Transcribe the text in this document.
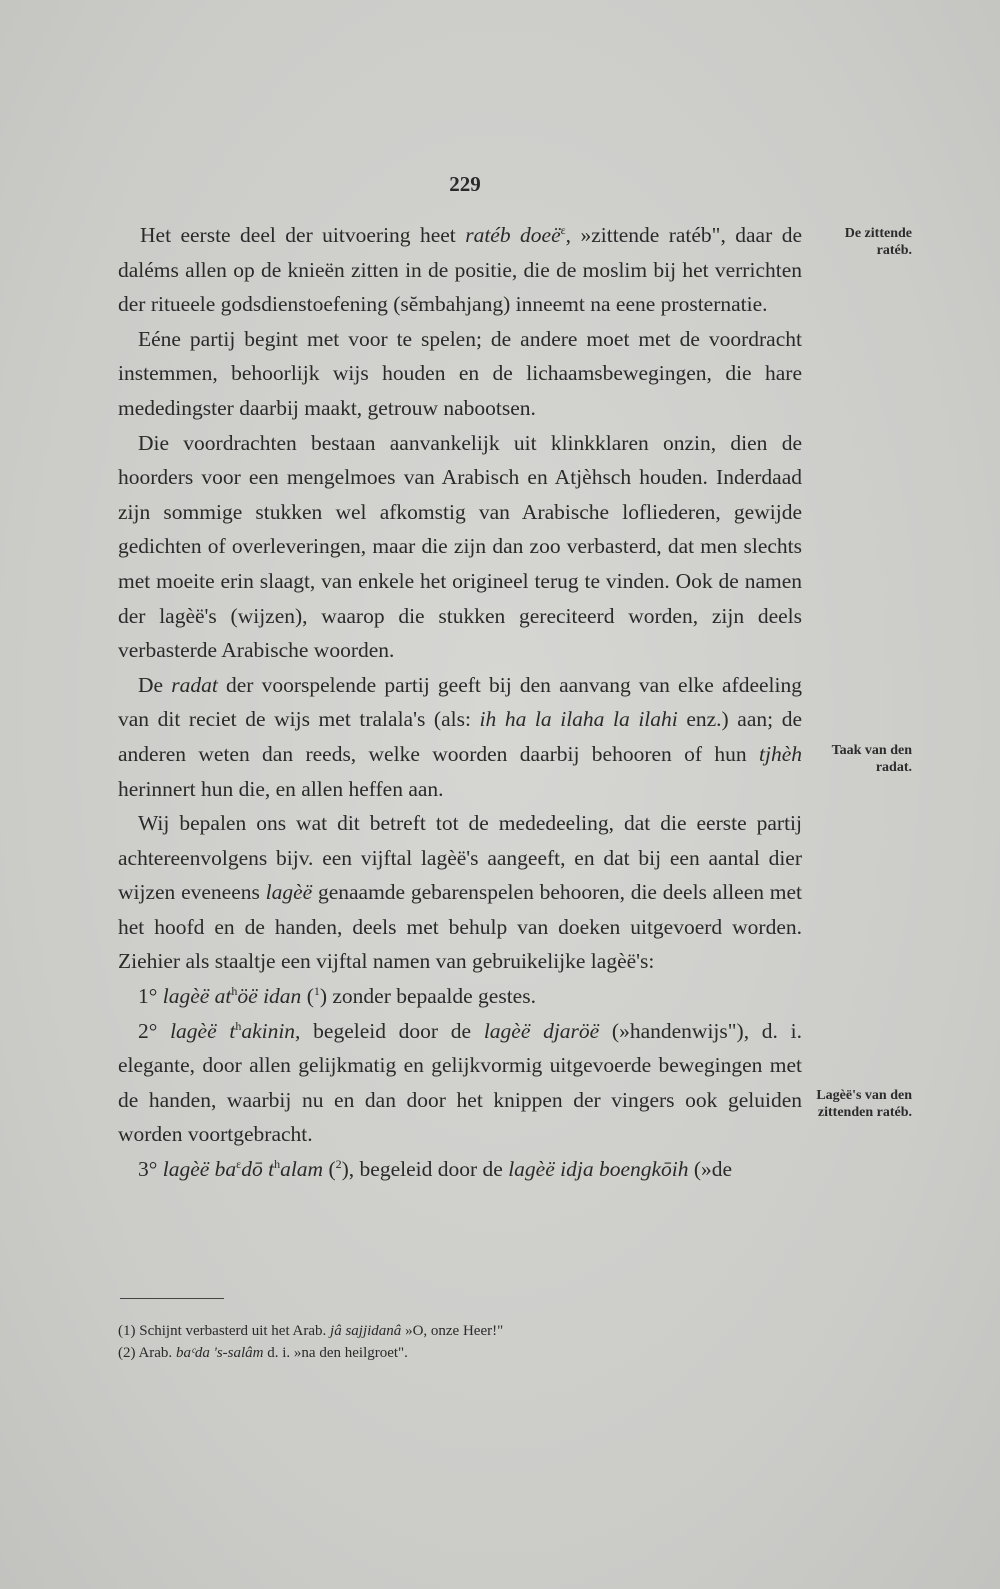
229

Het eerste deel der uitvoering heet ratéb doeë$^ɛ$, »zittende ratéb", daar de daléms allen op de knieën zitten in de positie, die de moslim bij het verrichten der ritueele godsdienstoefening (sĕmbahjang) inneemt na eene prosternatie.

Eéne partij begint met voor te spelen; de andere moet met de voordracht instemmen, behoorlijk wijs houden en de lichaamsbewegingen, die hare mededingster daarbij maakt, getrouw nabootsen.

Die voordrachten bestaan aanvankelijk uit klinkklaren onzin, dien de hoorders voor een mengelmoes van Arabisch en Atjèhsch houden. Inderdaad zijn sommige stukken wel afkomstig van Arabische lofliederen, gewijde gedichten of overleveringen, maar die zijn dan zoo verbasterd, dat men slechts met moeite erin slaagt, van enkele het origineel terug te vinden. Ook de namen der lagèë's (wijzen), waarop die stukken gereciteerd worden, zijn deels verbasterde Arabische woorden.

De radat der voorspelende partij geeft bij den aanvang van elke afdeeling van dit reciet de wijs met tralala's (als: ih ha la ilaha la ilahi enz.) aan; de anderen weten dan reeds, welke woorden daarbij behooren of hun tjhèh herinnert hun die, en allen heffen aan.

Wij bepalen ons wat dit betreft tot de mededeeling, dat die eerste partij achtereenvolgens bijv. een vijftal lagèë's aangeeft, en dat bij een aantal dier wijzen eveneens lagèë genaamde gebarenspelen behooren, die deels alleen met het hoofd en de handen, deels met behulp van doeken uitgevoerd worden. Ziehier als staaltje een vijftal namen van gebruikelijke lagèë's:

1° lagèë $at^höë$ idan ($^1$) zonder bepaalde gestes.

2° lagèë $t^hakinin$, begeleid door de lagèë djaröë (»handenwijs"), d. i. elegante, door allen gelijkmatig en gelijkvormig uitgevoerde bewegingen met de handen, waarbij nu en dan door het knippen der vingers ook geluiden worden voortgebracht.

3° lagèë $ba^ɛdō$ $t^halam$ ($^2$), begeleid door de lagèë idja boengkōih (»de

De zittende ratéb.
Taak van den radat.
Lagèë's van den zittenden ratéb.
(1) Schijnt verbasterd uit het Arab. jâ sajjidanâ »O, onze Heer!"
(2) Arab. baᶜda 's-salâm d. i. »na den heilgroet".
